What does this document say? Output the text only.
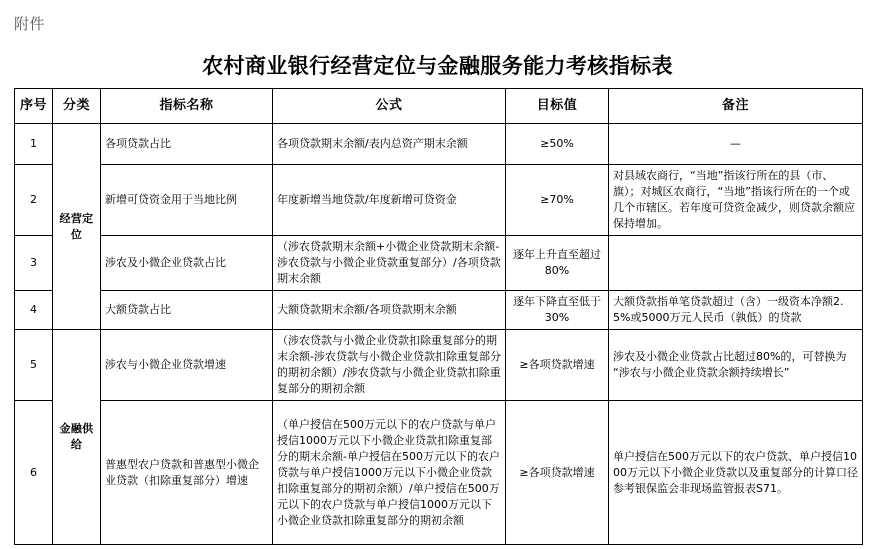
附件
农村商业银行经营定位与金融服务能力考核指标表
序号	分类	指标名称	公式	目标值	备注
1	经营定位	各项贷款占比	各项贷款期末余额/表内总资产期末余额	≥50%	—
2		新增可贷资金用于当地比例	年度新增当地贷款/年度新增可贷资金	≥70%	对县域农商行，“当地”指该行所在的县（市、旗）；对城区农商行，“当地”指该行所在的一个或几个市辖区。若年度可贷资金减少，则贷款余额应保持增加。
3		涉农及小微企业贷款占比	（涉农贷款期末余额+小微企业贷款期末余额-涉农贷款与小微企业贷款重复部分）/各项贷款期末余额	逐年上升直至超过80%	
4		大额贷款占比	大额贷款期末余额/各项贷款期末余额	逐年下降直至低于30%	大额贷款指单笔贷款超过（含）一级资本净额2.5%或5000万元人民币（孰低）的贷款
5	金融供给	涉农与小微企业贷款增速	（涉农贷款与小微企业贷款扣除重复部分的期末余额-涉农贷款与小微企业贷款扣除重复部分的期初余额）/涉农贷款与小微企业贷款扣除重复部分的期初余额	≥各项贷款增速	涉农及小微企业贷款占比超过80%的，可替换为“涉农与小微企业贷款余额持续增长”
6		普惠型农户贷款和普惠型小微企业贷款（扣除重复部分）增速	（单户授信在500万元以下的农户贷款与单户授信1000万元以下小微企业贷款扣除重复部分的期末余额-单户授信在500万元以下的农户贷款与单户授信1000万元以下小微企业贷款扣除重复部分的期初余额）/单户授信在500万元以下的农户贷款与单户授信1000万元以下小微企业贷款扣除重复部分的期初余额	≥各项贷款增速	单户授信在500万元以下的农户贷款、单户授信1000万元以下小微企业贷款以及重复部分的计算口径参考银保监会非现场监管报表S71。
